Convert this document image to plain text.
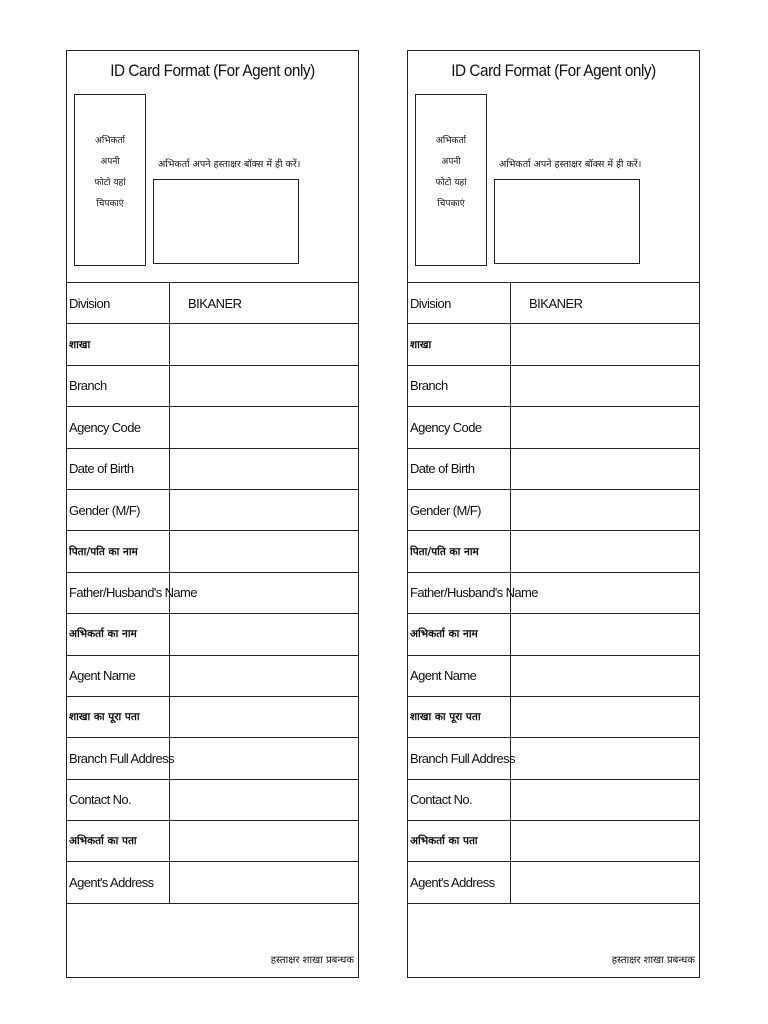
ID Card Format (For Agent only)
अभिकर्ता
अपनी
फोटो यहां
चिपकाएं
अभिकर्ता अपने हस्ताक्षर बॉक्स में ही करें।
Division	BIKANER
शाखा
Branch
Agency Code
Date of Birth
Gender (M/F)
पिता/पति का नाम
Father/Husband's Name
अभिकर्ता का नाम
Agent Name
शाखा का पूरा पता
Branch Full Address
Contact No.
अभिकर्ता का पता
Agent's Address
हस्ताक्षर शाखा प्रबन्धक
ID Card Format (For Agent only)
अभिकर्ता
अपनी
फोटो यहां
चिपकाएं
अभिकर्ता अपने हस्ताक्षर बॉक्स में ही करें।
Division	BIKANER
शाखा
Branch
Agency Code
Date of Birth
Gender (M/F)
पिता/पति का नाम
Father/Husband's Name
अभिकर्ता का नाम
Agent Name
शाखा का पूरा पता
Branch Full Address
Contact No.
अभिकर्ता का पता
Agent's Address
हस्ताक्षर शाखा प्रबन्धक
